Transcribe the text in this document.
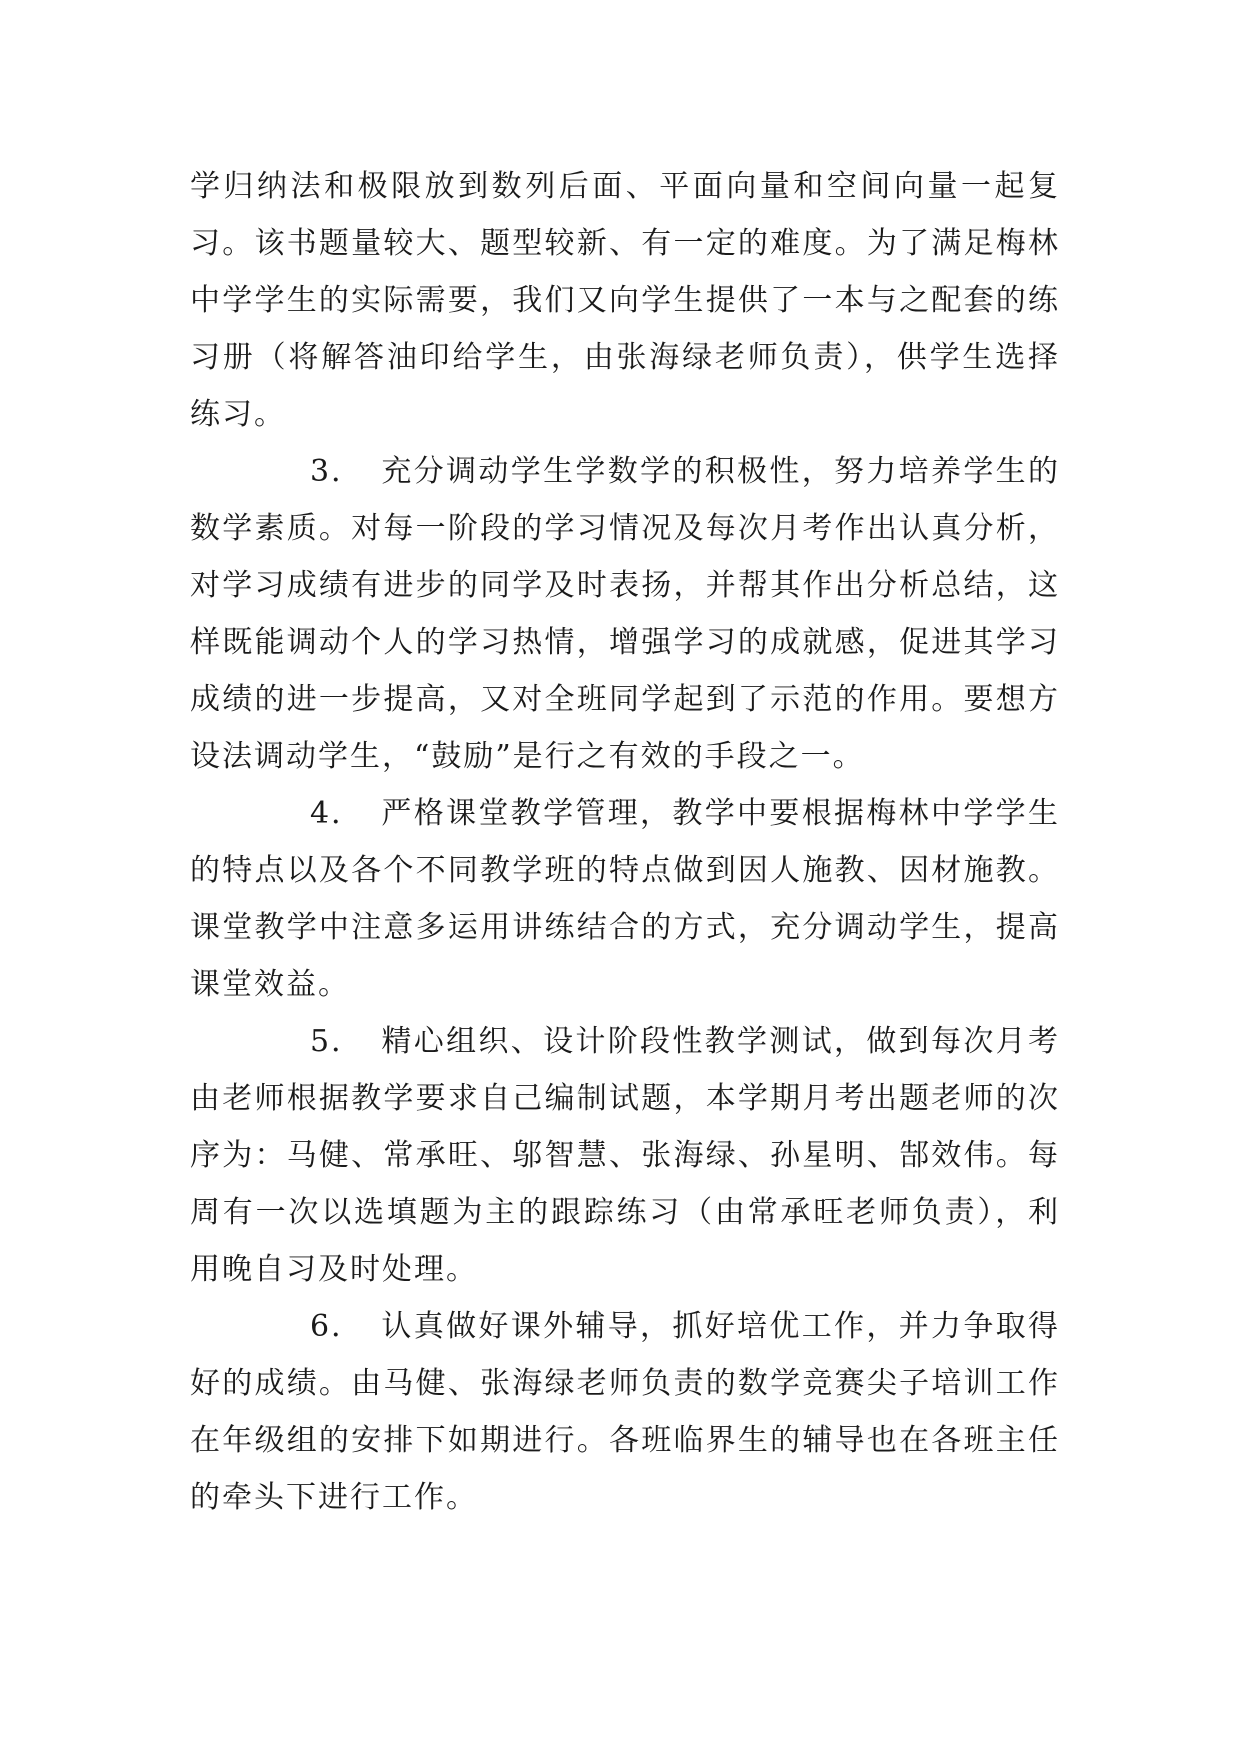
学归纳法和极限放到数列后面、平面向量和空间向量一起复习。该书题量较大、题型较新、有一定的难度。为了满足梅林中学学生的实际需要，我们又向学生提供了一本与之配套的练习册（将解答油印给学生，由张海绿老师负责），供学生选择练习。

3． 充分调动学生学数学的积极性，努力培养学生的数学素质。对每一阶段的学习情况及每次月考作出认真分析，对学习成绩有进步的同学及时表扬，并帮其作出分析总结，这样既能调动个人的学习热情，增强学习的成就感，促进其学习成绩的进一步提高，又对全班同学起到了示范的作用。要想方设法调动学生，“鼓励”是行之有效的手段之一。

4． 严格课堂教学管理，教学中要根据梅林中学学生的特点以及各个不同教学班的特点做到因人施教、因材施教。课堂教学中注意多运用讲练结合的方式，充分调动学生，提高课堂效益。

5． 精心组织、设计阶段性教学测试，做到每次月考由老师根据教学要求自己编制试题，本学期月考出题老师的次序为：马健、常承旺、邬智慧、张海绿、孙星明、郜效伟。每周有一次以选填题为主的跟踪练习（由常承旺老师负责），利用晚自习及时处理。

6． 认真做好课外辅导，抓好培优工作，并力争取得好的成绩。由马健、张海绿老师负责的数学竞赛尖子培训工作在年级组的安排下如期进行。各班临界生的辅导也在各班主任的牵头下进行工作。
